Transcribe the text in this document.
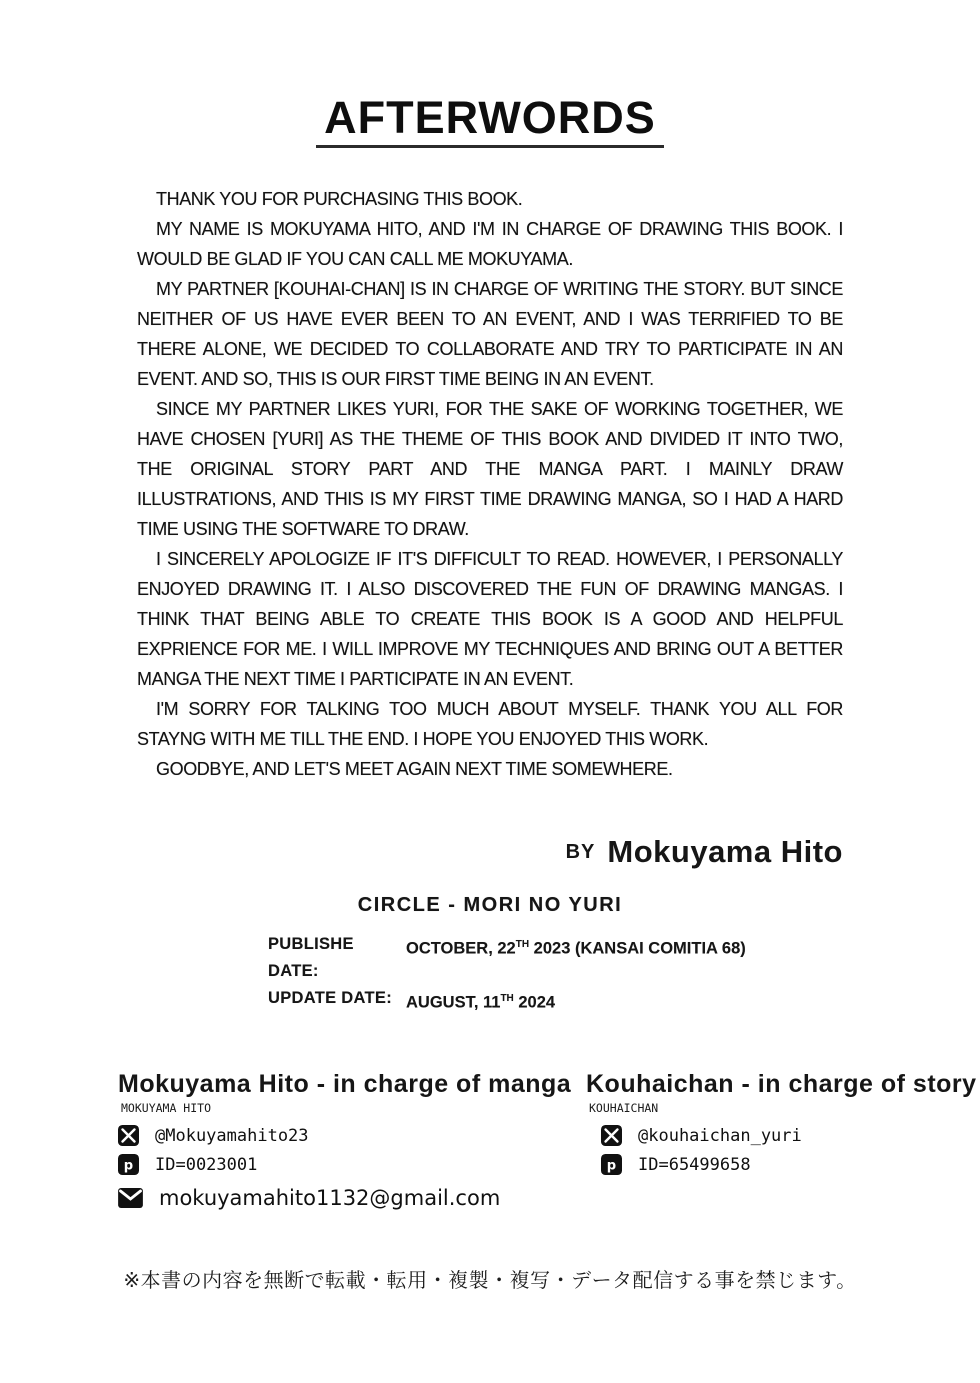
AFTERWORDS

THANK YOU FOR PURCHASING THIS BOOK.

MY NAME IS MOKUYAMA HITO, AND I'M IN CHARGE OF DRAWING THIS BOOK. I WOULD BE GLAD IF YOU CAN CALL ME MOKUYAMA.

MY PARTNER [KOUHAI-CHAN] IS IN CHARGE OF WRITING THE STORY. BUT SINCE NEITHER OF US HAVE EVER BEEN TO AN EVENT, AND I WAS TERRIFIED TO BE THERE ALONE, WE DECIDED TO COLLABORATE AND TRY TO PARTICIPATE IN AN EVENT. AND SO, THIS IS OUR FIRST TIME BEING IN AN EVENT.

SINCE MY PARTNER LIKES YURI, FOR THE SAKE OF WORKING TOGETHER, WE HAVE CHOSEN [YURI] AS THE THEME OF THIS BOOK AND DIVIDED IT INTO TWO, THE ORIGINAL STORY PART AND THE MANGA PART. I MAINLY DRAW ILLUSTRATIONS, AND THIS IS MY FIRST TIME DRAWING MANGA, SO I HAD A HARD TIME USING THE SOFTWARE TO DRAW.

I SINCERELY APOLOGIZE IF IT'S DIFFICULT TO READ. HOWEVER, I PERSONALLY ENJOYED DRAWING IT. I ALSO DISCOVERED THE FUN OF DRAWING MANGAS. I THINK THAT BEING ABLE TO CREATE THIS BOOK IS A GOOD AND HELPFUL EXPRIENCE FOR ME. I WILL IMPROVE MY TECHNIQUES AND BRING OUT A BETTER MANGA THE NEXT TIME I PARTICIPATE IN AN EVENT.

I'M SORRY FOR TALKING TOO MUCH ABOUT MYSELF. THANK YOU ALL FOR STAYNG WITH ME TILL THE END. I HOPE YOU ENJOYED THIS WORK.

GOODBYE, AND LET'S MEET AGAIN NEXT TIME SOMEWHERE.

BY Mokuyama Hito
CIRCLE - MORI NO YURI
PUBLISHE DATE:
OCTOBER, 22TH 2023 (KANSAI COMITIA 68)
UPDATE DATE: AUGUST, 11TH 2024
Mokuyama Hito - in charge of manga
MOKUYAMA HITO
@Mokuyamahito23
p ID=0023001
mokuyamahito1132@gmail.com
Kouhaichan - in charge of story
KOUHAICHAN
@kouhaichan_yuri
p ID=65499658
※本書の内容を無断で転載・転用・複製・複写・データ配信する事を禁じます。
